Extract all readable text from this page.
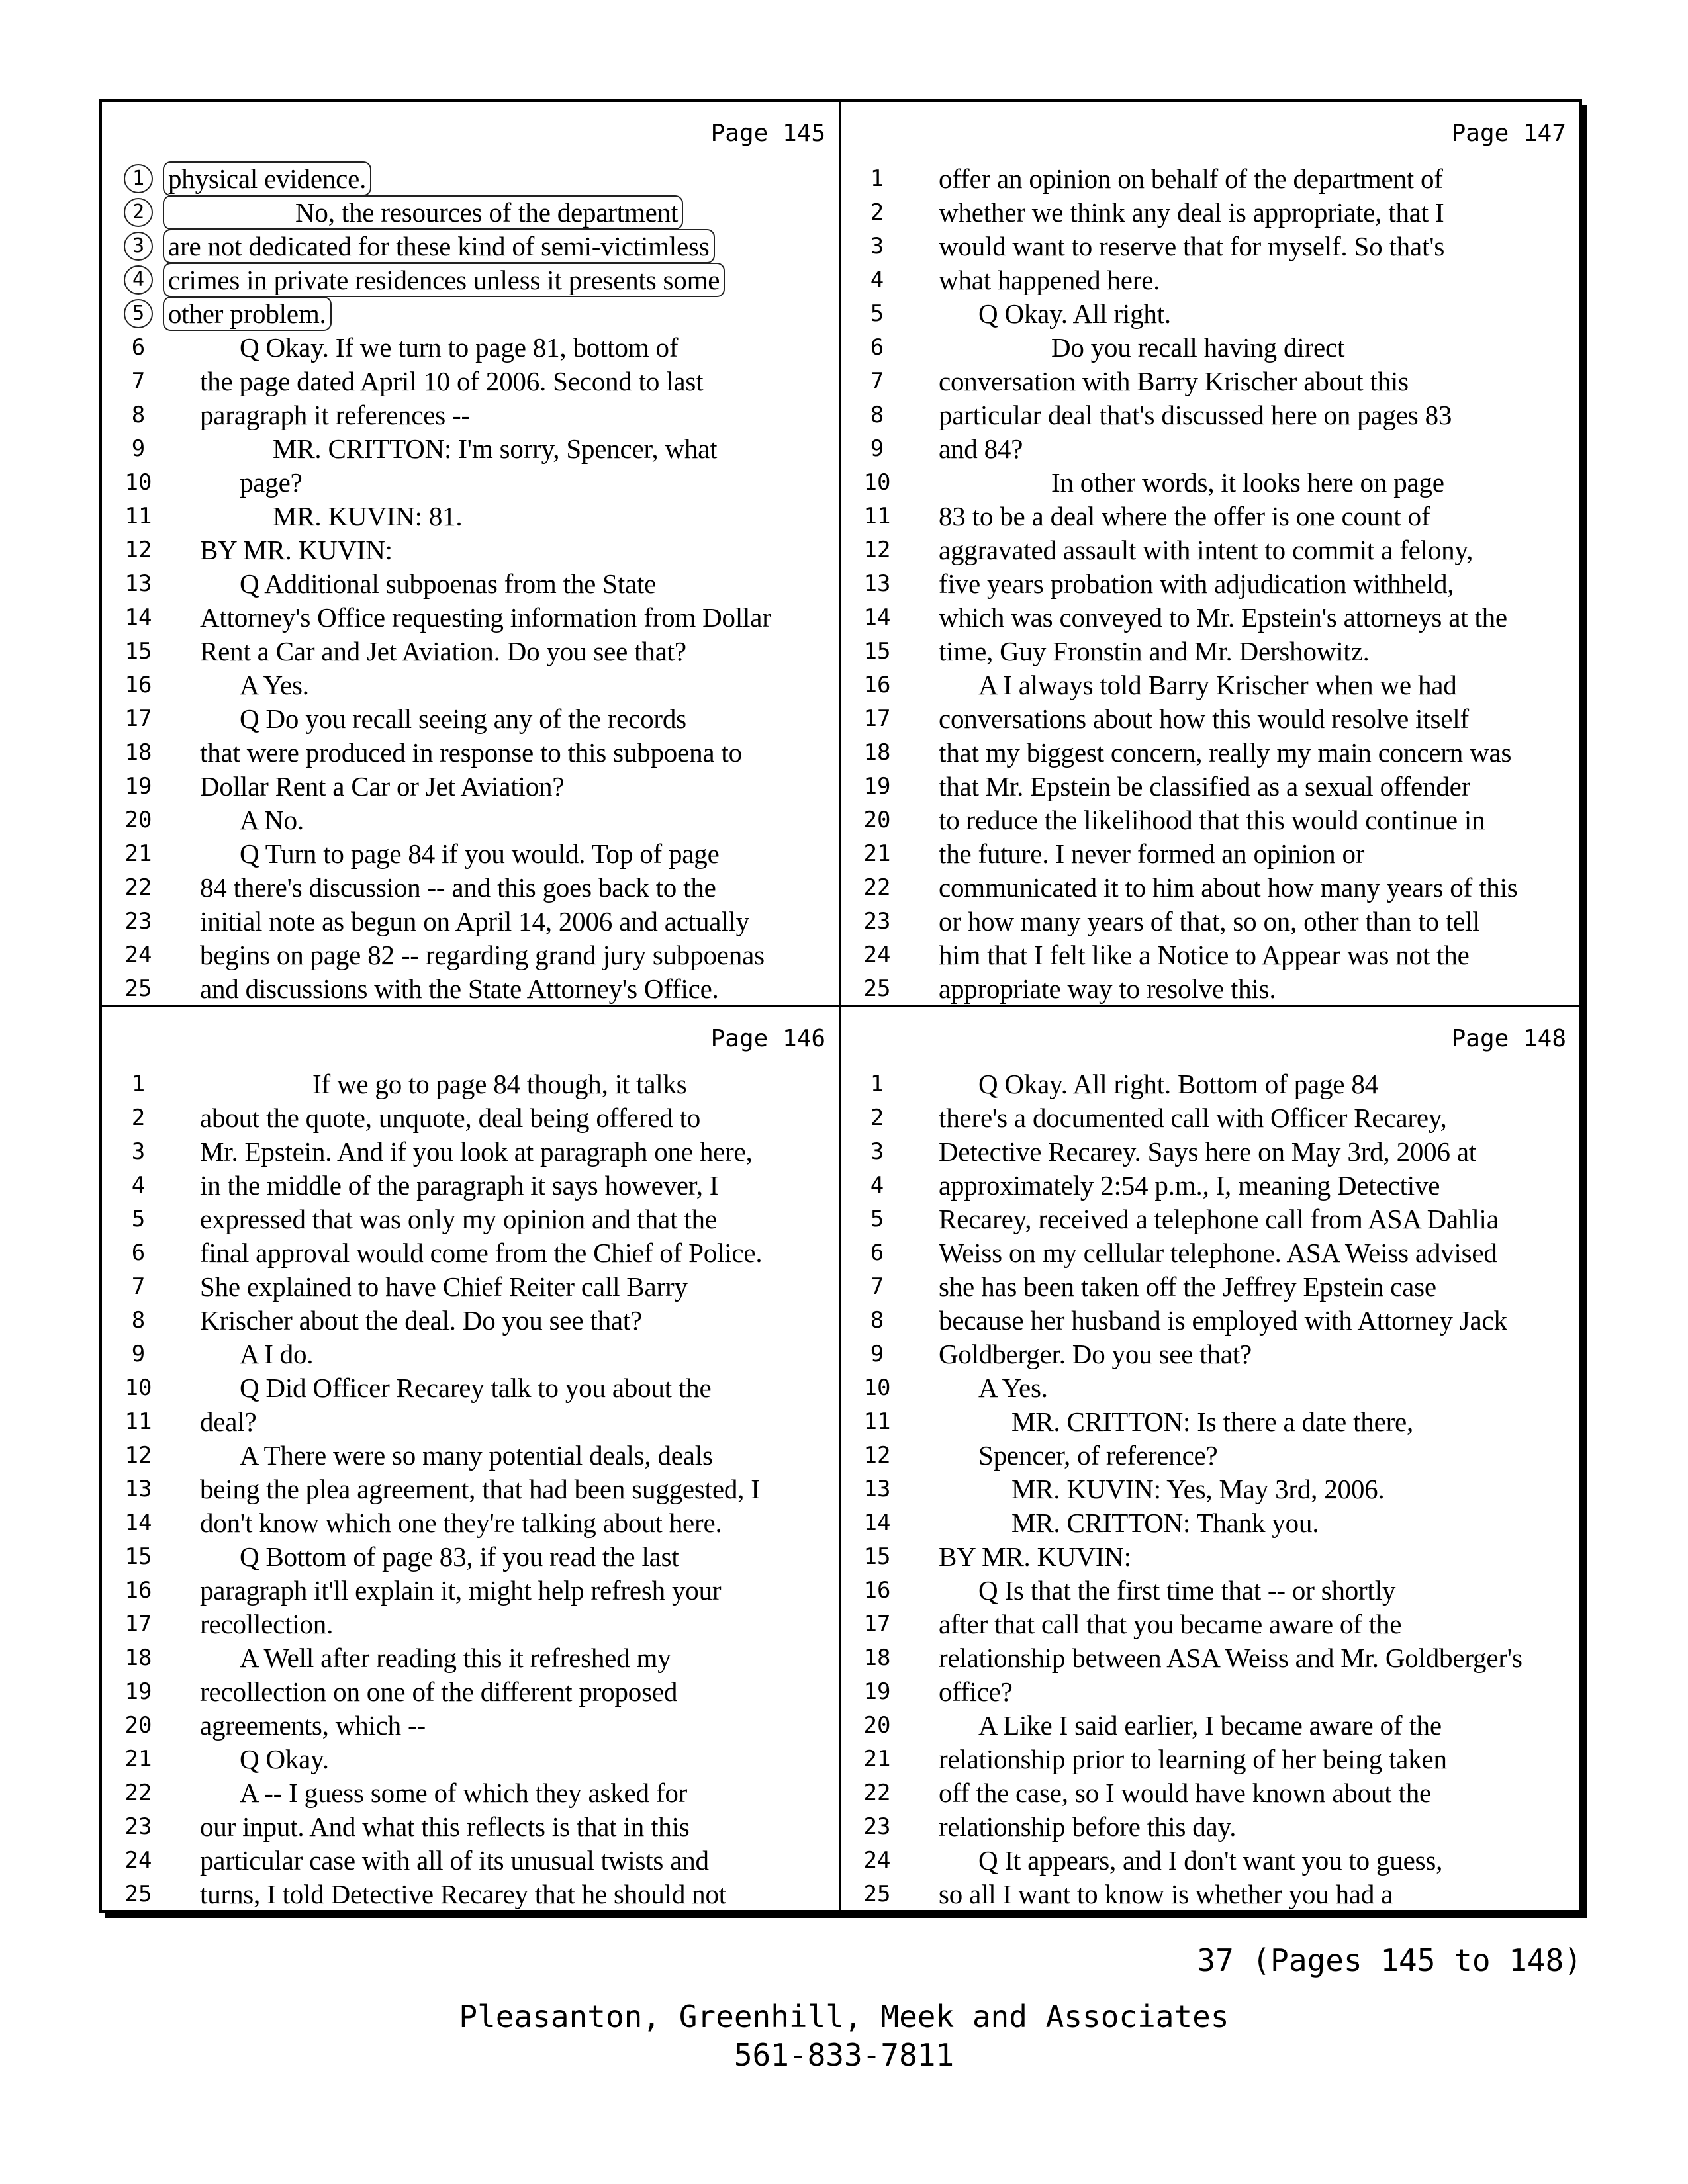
Page 145
1 physical evidence.
2	No, the resources of the department
3 are not dedicated for these kind of semi-victimless
4 crimes in private residences unless it presents some
5 other problem.
6	Q Okay. If we turn to page 81, bottom of
7	the page dated April 10 of 2006. Second to last
8	paragraph it references --
9	MR. CRITTON: I'm sorry, Spencer, what
10	page?
11	MR. KUVIN: 81.
12	BY MR. KUVIN:
13	Q Additional subpoenas from the State
14	Attorney's Office requesting information from Dollar
15	Rent a Car and Jet Aviation. Do you see that?
16	A Yes.
17	Q Do you recall seeing any of the records
18	that were produced in response to this subpoena to
19	Dollar Rent a Car or Jet Aviation?
20	A No.
21	Q Turn to page 84 if you would. Top of page
22	84 there's discussion -- and this goes back to the
23	initial note as begun on April 14, 2006 and actually
24	begins on page 82 -- regarding grand jury subpoenas
25	and discussions with the State Attorney's Office.
Page 147
1	offer an opinion on behalf of the department of
2	whether we think any deal is appropriate, that I
3	would want to reserve that for myself. So that's
4	what happened here.
5	Q Okay. All right.
6	Do you recall having direct
7	conversation with Barry Krischer about this
8	particular deal that's discussed here on pages 83
9	and 84?
10	In other words, it looks here on page
11	83 to be a deal where the offer is one count of
12	aggravated assault with intent to commit a felony,
13	five years probation with adjudication withheld,
14	which was conveyed to Mr. Epstein's attorneys at the
15	time, Guy Fronstin and Mr. Dershowitz.
16	A I always told Barry Krischer when we had
17	conversations about how this would resolve itself
18	that my biggest concern, really my main concern was
19	that Mr. Epstein be classified as a sexual offender
20	to reduce the likelihood that this would continue in
21	the future. I never formed an opinion or
22	communicated it to him about how many years of this
23	or how many years of that, so on, other than to tell
24	him that I felt like a Notice to Appear was not the
25	appropriate way to resolve this.
Page 146
1	If we go to page 84 though, it talks
2	about the quote, unquote, deal being offered to
3	Mr. Epstein. And if you look at paragraph one here,
4	in the middle of the paragraph it says however, I
5	expressed that was only my opinion and that the
6	final approval would come from the Chief of Police.
7	She explained to have Chief Reiter call Barry
8	Krischer about the deal. Do you see that?
9	A I do.
10	Q Did Officer Recarey talk to you about the
11	deal?
12	A There were so many potential deals, deals
13	being the plea agreement, that had been suggested, I
14	don't know which one they're talking about here.
15	Q Bottom of page 83, if you read the last
16	paragraph it'll explain it, might help refresh your
17	recollection.
18	A Well after reading this it refreshed my
19	recollection on one of the different proposed
20	agreements, which --
21	Q Okay.
22	A -- I guess some of which they asked for
23	our input. And what this reflects is that in this
24	particular case with all of its unusual twists and
25	turns, I told Detective Recarey that he should not
Page 148
1	Q Okay. All right. Bottom of page 84
2	there's a documented call with Officer Recarey,
3	Detective Recarey. Says here on May 3rd, 2006 at
4	approximately 2:54 p.m., I, meaning Detective
5	Recarey, received a telephone call from ASA Dahlia
6	Weiss on my cellular telephone. ASA Weiss advised
7	she has been taken off the Jeffrey Epstein case
8	because her husband is employed with Attorney Jack
9	Goldberger. Do you see that?
10	A Yes.
11	MR. CRITTON: Is there a date there,
12	Spencer, of reference?
13	MR. KUVIN: Yes, May 3rd, 2006.
14	MR. CRITTON: Thank you.
15	BY MR. KUVIN:
16	Q Is that the first time that -- or shortly
17	after that call that you became aware of the
18	relationship between ASA Weiss and Mr. Goldberger's
19	office?
20	A Like I said earlier, I became aware of the
21	relationship prior to learning of her being taken
22	off the case, so I would have known about the
23	relationship before this day.
24	Q It appears, and I don't want you to guess,
25	so all I want to know is whether you had a
37 (Pages 145 to 148)
Pleasanton, Greenhill, Meek and Associates
561-833-7811
